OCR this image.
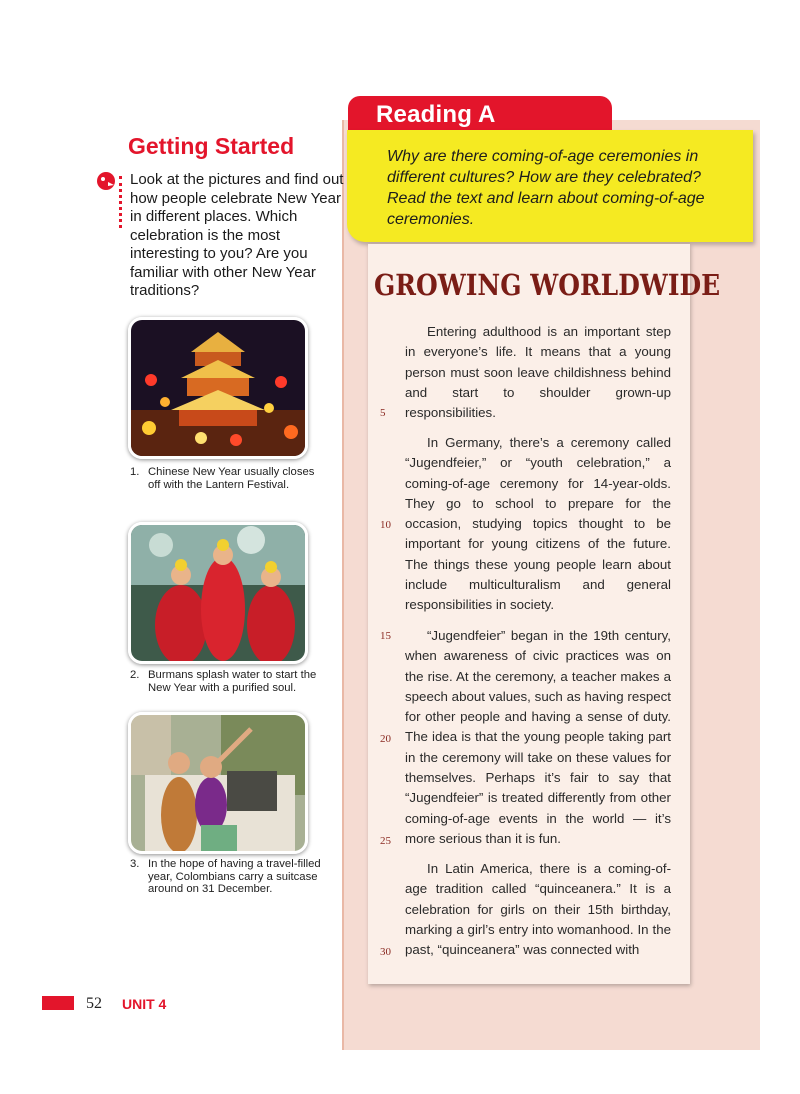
Reading A
Why are there coming-of-age ceremonies in different cultures? How are they celebrated? Read the text and learn about coming-of-age ceremonies.
GROWING WORLDWIDE
Entering adulthood is an important step in everyone’s life. It means that a young person must soon leave childishness behind and start to shoulder grown-up responsibilities.
In Germany, there’s a ceremony called “Jugendfeier,” or “youth celebration,” a coming-of-age ceremony for 14-year-olds. They go to school to prepare for the occasion, studying topics thought to be important for young citizens of the future. The things these young people learn about include multiculturalism and general responsibilities in society.
“Jugendfeier” began in the 19th century, when awareness of civic practices was on the rise. At the ceremony, a teacher makes a speech about values, such as having respect for other people and having a sense of duty. The idea is that the young people taking part in the ceremony will take on these values for themselves. Perhaps it’s fair to say that “Jugendfeier” is treated differently from other coming-of-age events in the world — it’s more serious than it is fun.
In Latin America, there is a coming-of-age tradition called “quinceanera.” It is a celebration for girls on their 15th birthday, marking a girl’s entry into womanhood. In the past, “quinceanera” was connected with
5
10
15
20
25
30
Getting Started
Look at the pictures and find out how people celebrate New Year in different places. Which celebration is the most interesting to you? Are you familiar with other New Year traditions?
1. Chinese New Year usually closes off with the Lantern Festival.
2. Burmans splash water to start the New Year with a purified soul.
3. In the hope of having a travel-filled year, Colombians carry a suitcase around on 31 December.
52 UNIT 4
